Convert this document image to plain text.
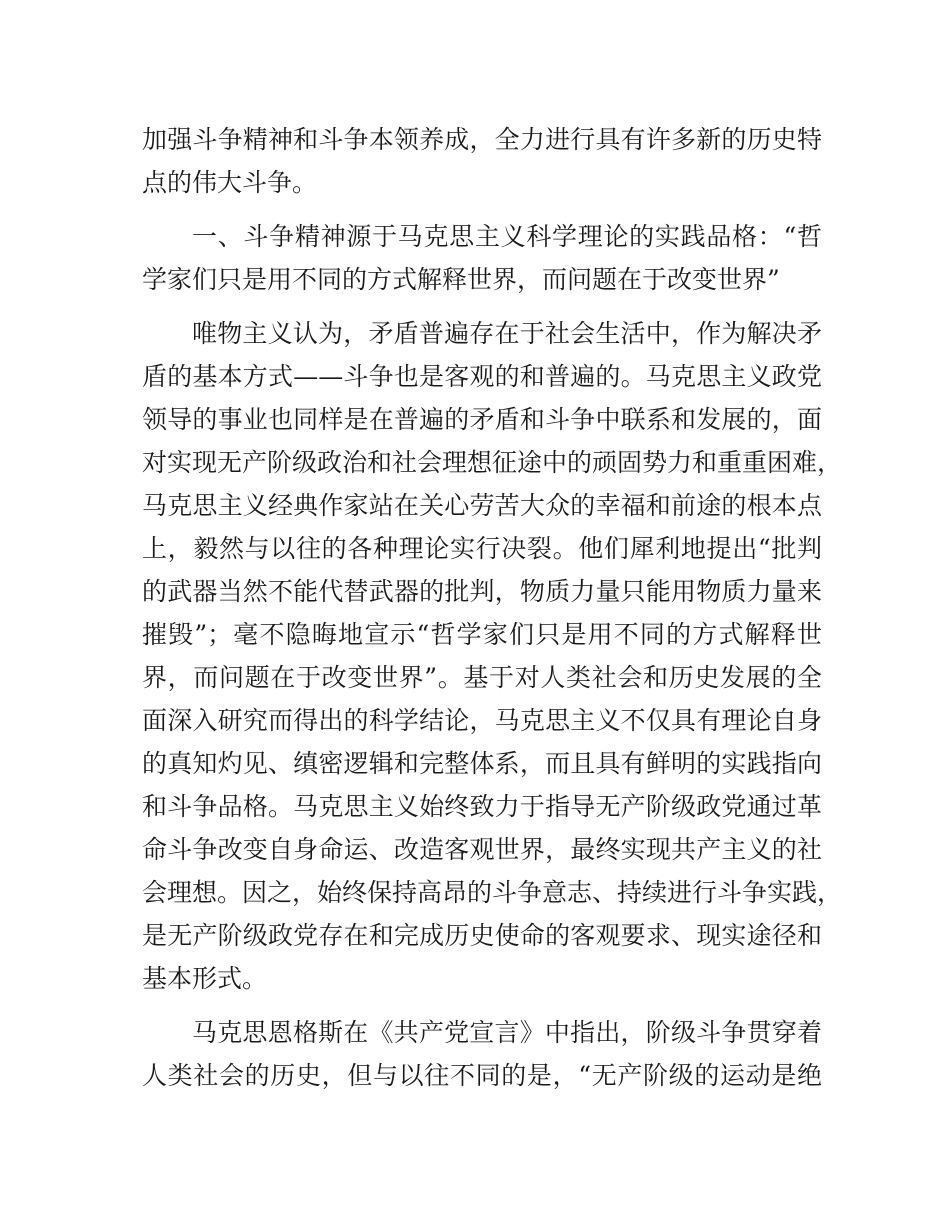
加强斗争精神和斗争本领养成，全力进行具有许多新的历史特
点的伟大斗争。
一、斗争精神源于马克思主义科学理论的实践品格：“哲
学家们只是用不同的方式解释世界，而问题在于改变世界”
唯物主义认为，矛盾普遍存在于社会生活中，作为解决矛
盾的基本方式——斗争也是客观的和普遍的。马克思主义政党
领导的事业也同样是在普遍的矛盾和斗争中联系和发展的，面
对实现无产阶级政治和社会理想征途中的顽固势力和重重困难，
马克思主义经典作家站在关心劳苦大众的幸福和前途的根本点
上，毅然与以往的各种理论实行决裂。他们犀利地提出“批判
的武器当然不能代替武器的批判，物质力量只能用物质力量来
摧毁”；毫不隐晦地宣示“哲学家们只是用不同的方式解释世
界，而问题在于改变世界”。基于对人类社会和历史发展的全
面深入研究而得出的科学结论，马克思主义不仅具有理论自身
的真知灼见、缜密逻辑和完整体系，而且具有鲜明的实践指向
和斗争品格。马克思主义始终致力于指导无产阶级政党通过革
命斗争改变自身命运、改造客观世界，最终实现共产主义的社
会理想。因之，始终保持高昂的斗争意志、持续进行斗争实践，
是无产阶级政党存在和完成历史使命的客观要求、现实途径和
基本形式。
马克思恩格斯在《共产党宣言》中指出，阶级斗争贯穿着
人类社会的历史，但与以往不同的是，“无产阶级的运动是绝
